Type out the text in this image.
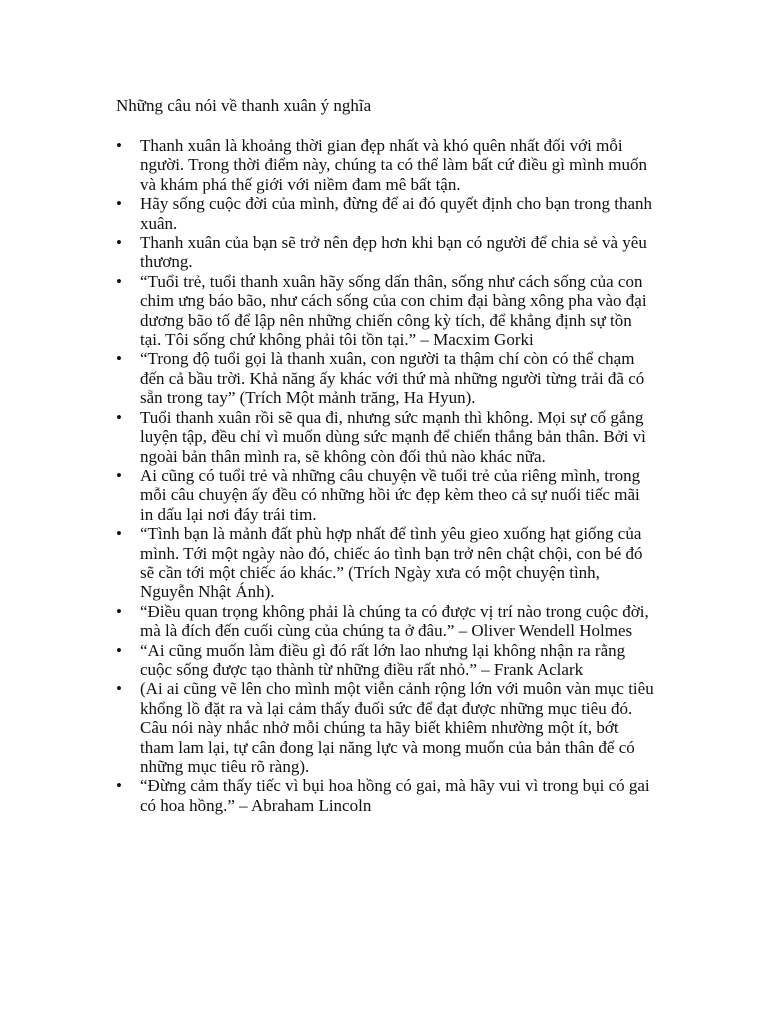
Những câu nói về thanh xuân ý nghĩa
• Thanh xuân là khoảng thời gian đẹp nhất và khó quên nhất đối với mỗi người. Trong thời điểm này, chúng ta có thể làm bất cứ điều gì mình muốn và khám phá thế giới với niềm đam mê bất tận.
• Hãy sống cuộc đời của mình, đừng để ai đó quyết định cho bạn trong thanh xuân.
• Thanh xuân của bạn sẽ trở nên đẹp hơn khi bạn có người để chia sẻ và yêu thương.
• “Tuổi trẻ, tuổi thanh xuân hãy sống dấn thân, sống như cách sống của con chim ưng báo bão, như cách sống của con chim đại bàng xông pha vào đại dương bão tố để lập nên những chiến công kỳ tích, để khẳng định sự tồn tại. Tôi sống chứ không phải tôi tồn tại.” – Macxim Gorki
• “Trong độ tuổi gọi là thanh xuân, con người ta thậm chí còn có thể chạm đến cả bầu trời. Khả năng ấy khác với thứ mà những người từng trải đã có sẵn trong tay” (Trích Một mảnh trăng, Ha Hyun).
• Tuổi thanh xuân rồi sẽ qua đi, nhưng sức mạnh thì không. Mọi sự cố gắng luyện tập, đều chỉ vì muốn dùng sức mạnh để chiến thắng bản thân. Bởi vì ngoài bản thân mình ra, sẽ không còn đối thủ nào khác nữa.
• Ai cũng có tuổi trẻ và những câu chuyện về tuổi trẻ của riêng mình, trong mỗi câu chuyện ấy đều có những hồi ức đẹp kèm theo cả sự nuối tiếc mãi in dấu lại nơi đáy trái tim.
• “Tình bạn là mảnh đất phù hợp nhất để tình yêu gieo xuống hạt giống của mình. Tới một ngày nào đó, chiếc áo tình bạn trở nên chật chội, con bé đó sẽ cần tới một chiếc áo khác.” (Trích Ngày xưa có một chuyện tình, Nguyễn Nhật Ánh).
• “Điều quan trọng không phải là chúng ta có được vị trí nào trong cuộc đời, mà là đích đến cuối cùng của chúng ta ở đâu.” – Oliver Wendell Holmes
• “Ai cũng muốn làm điều gì đó rất lớn lao nhưng lại không nhận ra rằng cuộc sống được tạo thành từ những điều rất nhỏ.” – Frank Aclark
• (Ai ai cũng vẽ lên cho mình một viễn cảnh rộng lớn với muôn vàn mục tiêu khổng lồ đặt ra và lại cảm thấy đuối sức để đạt được những mục tiêu đó. Câu nói này nhắc nhở mỗi chúng ta hãy biết khiêm nhường một ít, bớt tham lam lại, tự cân đong lại năng lực và mong muốn của bản thân để có những mục tiêu rõ ràng).
• “Đừng cảm thấy tiếc vì bụi hoa hồng có gai, mà hãy vui vì trong bụi có gai có hoa hồng.” – Abraham Lincoln
